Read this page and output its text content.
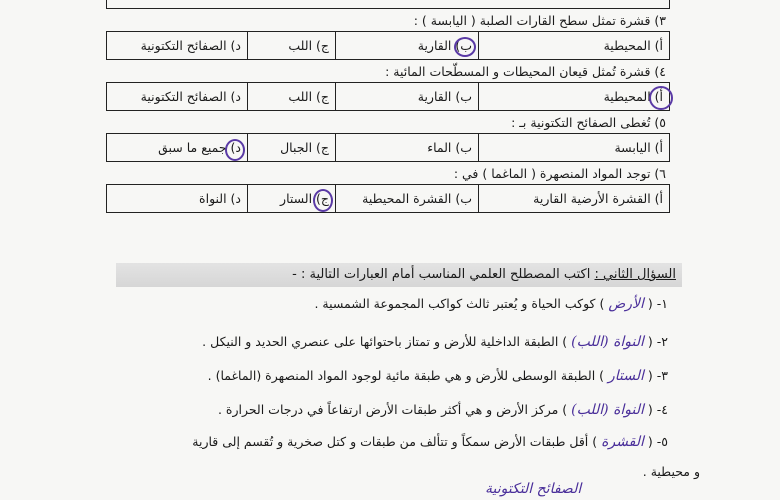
٣) قشرة تمثل سطح القارات الصلبة ( اليابسة ) :
أ) المحيطية
ب) القارية
ج) اللب
د) الصفائح التكتونية
٤) قشرة تُمثل قيعان المحيطات و المسطّحات المائية :
أ) المحيطية
ب) القارية
ج) اللب
د) الصفائح التكتونية
٥) تُغطى الصفائح التكتونية بـ :
أ) اليابسة
ب) الماء
ج) الجبال
د) جميع ما سبق
٦) توجد المواد المنصهرة ( الماغما ) في :
أ) القشرة الأرضية القارية
ب) القشرة المحيطية
ج) الستار
د) النواة
السؤال الثاني : اكتب المصطلح العلمي المناسب أمام العبارات التالية : -
١- ( الأرض ) كوكب الحياة و يُعتبر ثالث كواكب المجموعة الشمسية .
٢- ( النواة (اللب) ) الطبقة الداخلية للأرض و تمتاز باحتوائها على عنصري الحديد و النيكل .
٣- ( الستار ) الطبقة الوسطى للأرض و هي طبقة مائية لوجود المواد المنصهرة (الماغما) .
٤- ( النواة (اللب) ) مركز الأرض و هي أكثر طبقات الأرض ارتفاعاً في درجات الحرارة .
٥- ( القشرة ) أقل طبقات الأرض سمكاً و تتألف من طبقات و كتل صخرية و تُقسم إلى قارية
و محيطية .
الصفائح التكتونية
